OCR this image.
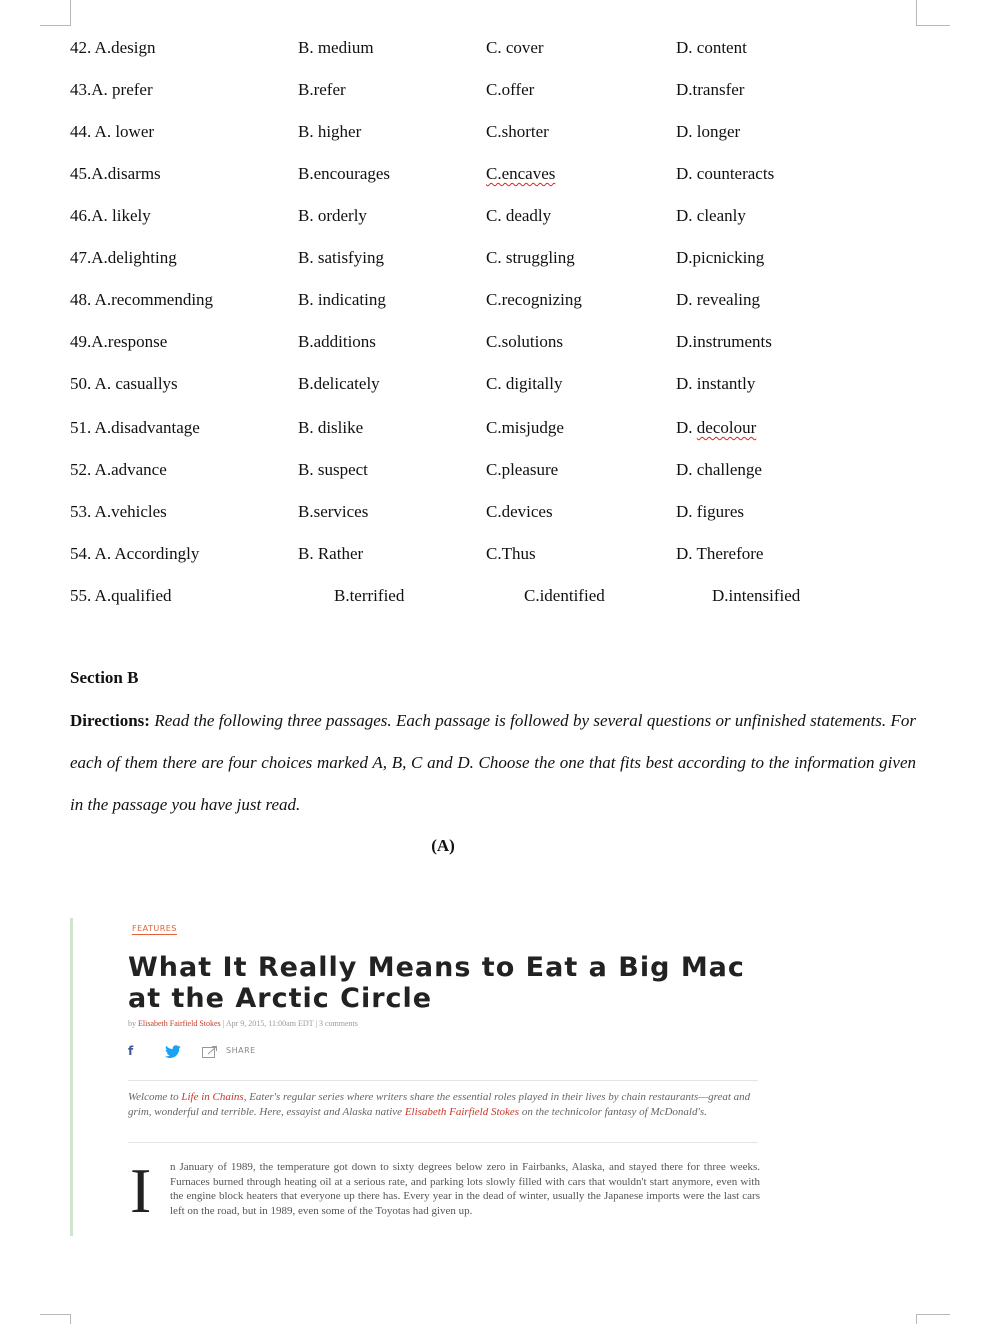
42. A.design	B. medium	C. cover	D. content
43.A. prefer	B.refer	C.offer	D.transfer
44. A. lower	B. higher	C.shorter	D. longer
45.A.disarms	B.encourages	C.encaves	D. counteracts
46.A. likely	B. orderly	C. deadly	D. cleanly
47.A.delighting	B. satisfying	C. struggling	D.picnicking
48. A.recommending	B. indicating	C.recognizing	D. revealing
49.A.response	B.additions	C.solutions	D.instruments
50. A. casuallys	B.delicately	C. digitally	D. instantly
51. A.disadvantage	B. dislike	C.misjudge	D. decolour
52. A.advance	B. suspect	C.pleasure	D. challenge
53. A.vehicles	B.services	C.devices	D. figures
54. A. Accordingly	B. Rather	C.Thus	D. Therefore
55. A.qualified	B.terrified	C.identified	D.intensified
Section B
Directions: Read the following three passages. Each passage is followed by several questions or unfinished statements. For each of them there are four choices marked A, B, C and D. Choose the one that fits best according to the information given in the passage you have just read.
(A)
FEATURES
What It Really Means to Eat a Big Mac at the Arctic Circle
by Elisabeth Fairfield Stokes | Apr 9, 2015, 11:00am EDT | 3 comments
f	SHARE
Welcome to Life in Chains, Eater's regular series where writers share the essential roles played in their lives by chain restaurants—great and grim, wonderful and terrible. Here, essayist and Alaska native Elisabeth Fairfield Stokes on the technicolor fantasy of McDonald's.
I n January of 1989, the temperature got down to sixty degrees below zero in Fairbanks, Alaska, and stayed there for three weeks. Furnaces burned through heating oil at a serious rate, and parking lots slowly filled with cars that wouldn't start anymore, even with the engine block heaters that everyone up there has. Every year in the dead of winter, usually the Japanese imports were the last cars left on the road, but in 1989, even some of the Toyotas had given up.
